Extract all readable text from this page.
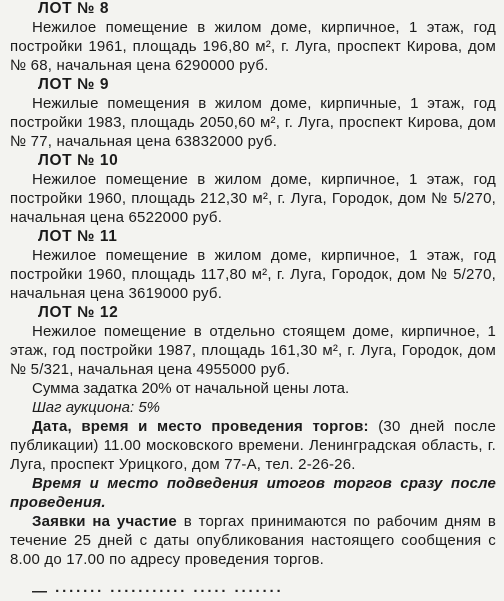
ЛОТ № 8
Нежилое помещение в жилом доме, кирпичное, 1 этаж, год постройки 1961, площадь 196,80 м², г. Луга, проспект Кирова, дом № 68, начальная цена 6290000 руб.
ЛОТ № 9
Нежилые помещения в жилом доме, кирпичные, 1 этаж, год постройки 1983, площадь 2050,60 м², г. Луга, проспект Кирова, дом № 77, начальная цена 63832000 руб.
ЛОТ № 10
Нежилое помещение в жилом доме, кирпичное, 1 этаж, год постройки 1960, площадь 212,30 м², г. Луга, Городок, дом № 5/270, начальная цена 6522000 руб.
ЛОТ № 11
Нежилое помещение в жилом доме, кирпичное, 1 этаж, год постройки 1960, площадь 117,80 м², г. Луга, Городок, дом № 5/270, начальная цена 3619000 руб.
ЛОТ № 12
Нежилое помещение в отдельно стоящем доме, кирпичное, 1 этаж, год постройки 1987, площадь 161,30 м², г. Луга, Городок, дом № 5/321, начальная цена 4955000 руб.
Сумма задатка 20% от начальной цены лота.
Шаг аукциона: 5%
Дата, время и место проведения торгов: (30 дней после публикации) 11.00 московского времени. Ленинградская область, г. Луга, проспект Урицкого, дом 77-А, тел. 2-26-26.
Время и место подведения итогов торгов сразу после проведения.
Заявки на участие в торгах принимаются по рабочим дням в течение 25 дней с даты опубликования настоящего сообщения с 8.00 до 17.00 по адресу проведения торгов.
— ······· ··········· ····· ·······
